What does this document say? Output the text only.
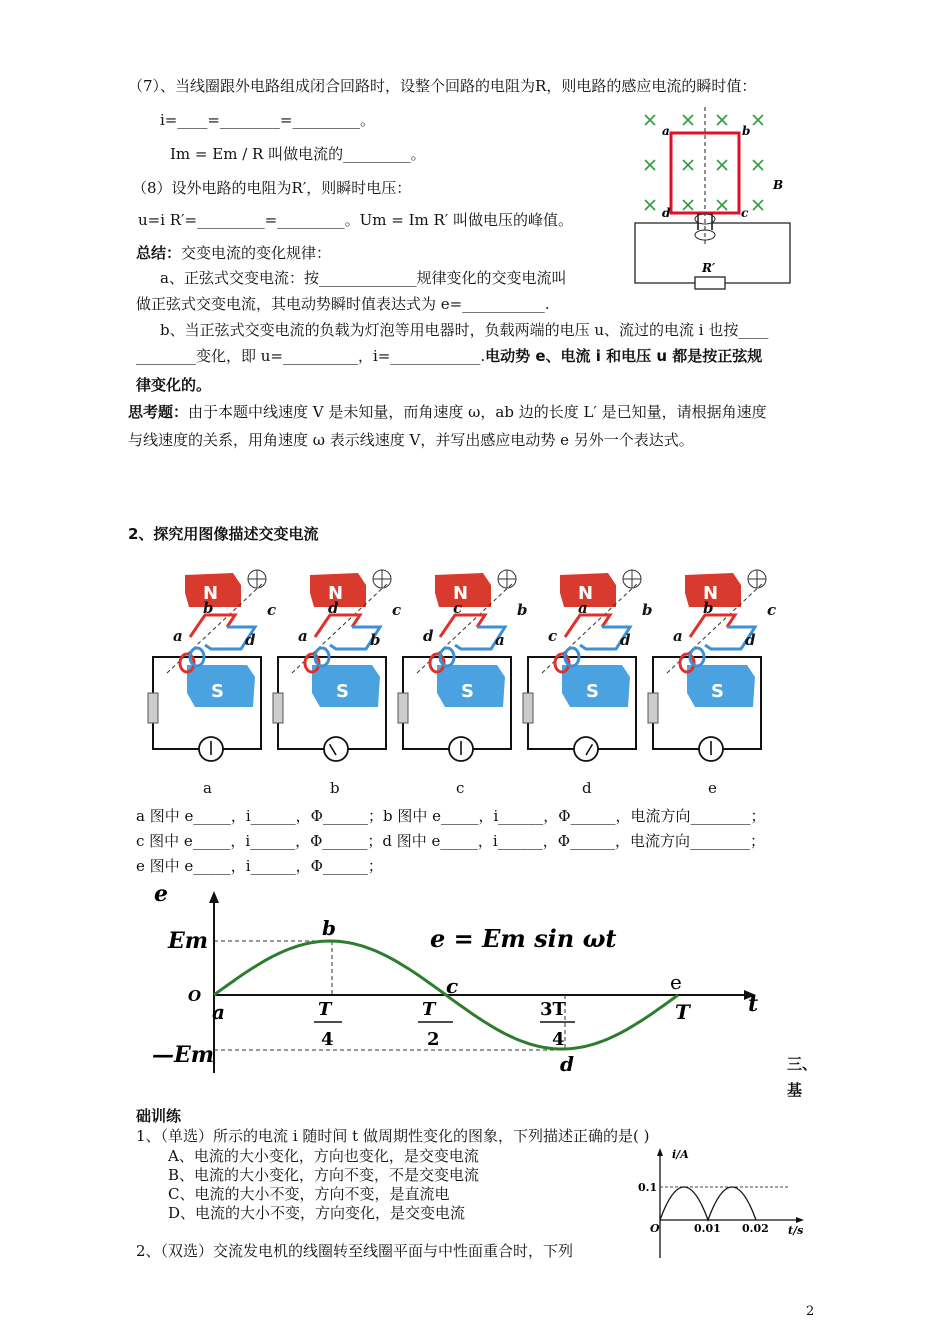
（7）、当线圈跟外电路组成闭合回路时，设整个回路的电阻为R，则电路的感应电流的瞬时值：
i=____=________=_________。
Im = Em / R 叫做电流的_________。
（8）设外电路的电阻为R′，则瞬时电压：
u=i R′=_________=_________。Um = Im R′ 叫做电压的峰值。
总结：交变电流的变化规律：
a、正弦式交变电流：按_____________规律变化的交变电流叫
做正弦式交变电流，其电动势瞬时值表达式为 e=___________.
b、当正弦式交变电流的负载为灯泡等用电器时，负载两端的电压 u、流过的电流 i 也按____
________变化，即 u=__________，i=____________.电动势 e、电流 i 和电压 u 都是按正弦规
律变化的。
思考题：由于本题中线速度 V 是未知量，而角速度 ω，ab 边的长度 L′ 是已知量，请根据角速度
与线速度的关系，用角速度 ω 表示线速度 V，并写出感应电动势 e 另外一个表达式。
a	b
d	c
B
R′
2、探究用图像描述交变电流
N
S
b	c
a	d
N
S
d	c
a	b
N
S
c	b
d	a
N
S
a	b
c	d
N
S
b	c
a	d
a	b	c	d	e
a 图中 e_____，i______，Φ______；b 图中 e_____，i______，Φ______，电流方向________；
c 图中 e_____，i______，Φ______；d 图中 e_____，i______，Φ______，电流方向________；
e 图中 e_____，i______，Φ______；
e
t
Em
—Em
O
a
b
c
d
e
T
4
T
2
3T
4
T
e = Em sin ωt
三、
基
础训练
1、（单选）所示的电流 i 随时间 t 做周期性变化的图象，下列描述正确的是( )
A、电流的大小变化，方向也变化，是交变电流
B、电流的大小变化，方向不变，不是交变电流
C、电流的大小不变，方向不变，是直流电
D、电流的大小不变，方向变化，是交变电流
2、（双选）交流发电机的线圈转至线圈平面与中性面重合时，下列
i/A
t/s
0.1
O	0.01 0.02
2
